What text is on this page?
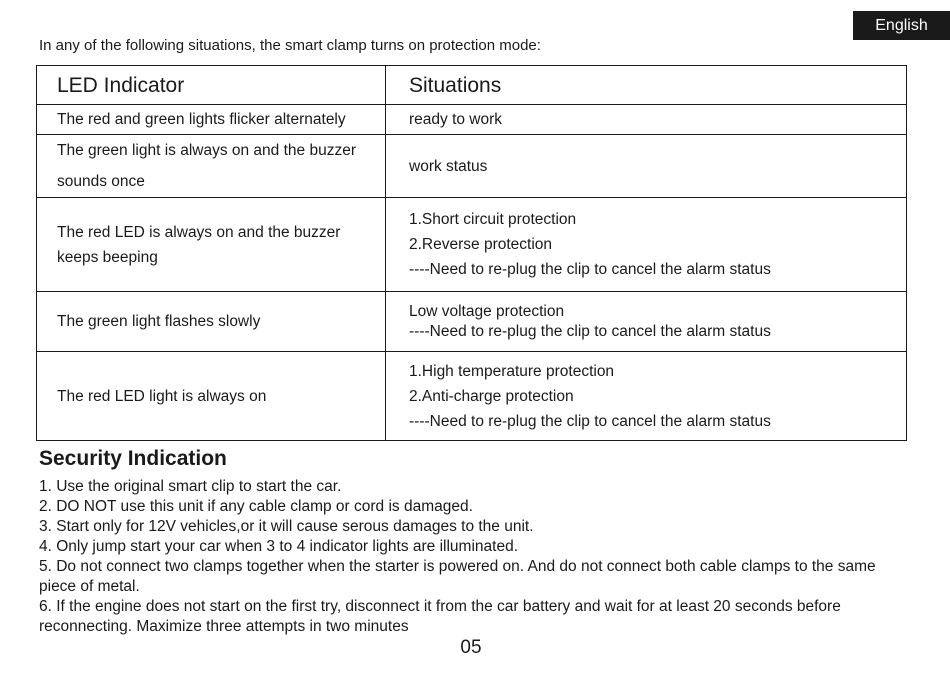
English
In any of the following situations, the smart clamp turns on protection mode:
LED Indicator	Situations

The red and green lights flicker alternately	ready to work

The green light is always on and the buzzer
sounds once	work status

The red LED is always on and the buzzer
keeps beeping	1.Short circuit protection
2.Reverse protection
----Need to re-plug the clip to cancel the alarm status

The green light flashes slowly	Low voltage protection
----Need to re-plug the clip to cancel the alarm status

The red LED light is always on	1.High temperature protection
2.Anti-charge protection
----Need to re-plug the clip to cancel the alarm status
Security Indication
1. Use the original smart clip to start the car.
2. DO NOT use this unit if any cable clamp or cord is damaged.
3. Start only for 12V vehicles,or it will cause serous damages to the unit.
4. Only jump start your car when 3 to 4 indicator lights are illuminated.
5. Do not connect two clamps together when the starter is powered on. And do not connect both cable clamps to the same piece of metal.
6. If the engine does not start on the first try, disconnect it from the car battery and wait for at least 20 seconds before reconnecting. Maximize three attempts in two minutes
05
